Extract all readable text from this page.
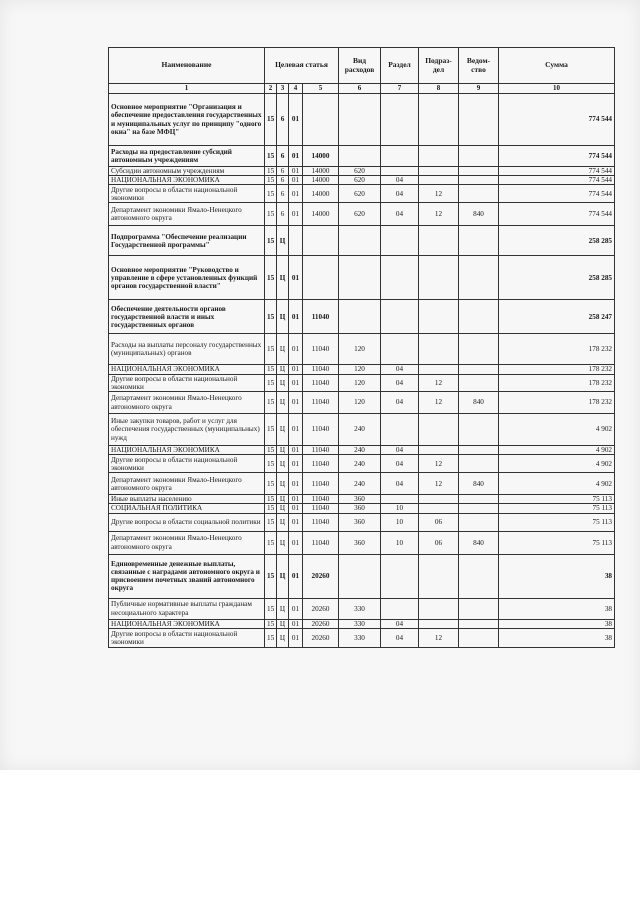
Наименование	Целевая статья				Вид расходов	Раздел	Подраз-дел	Ведом-ство	Сумма
1	2	3	4	5	6	7	8	9	10
Основное мероприятие "Организация и обеспечение предоставления государственных и муниципальных услуг по принципу "одного окна" на базе МФЦ"	15	6	01						774 544
Расходы на предоставление субсидий автономным учреждениям	15	6	01	14000					774 544
Субсидии автономным учреждениям	15	6	01	14000	620				774 544
НАЦИОНАЛЬНАЯ ЭКОНОМИКА	15	6	01	14000	620	04			774 544
Другие вопросы в области национальной экономики	15	6	01	14000	620	04	12		774 544
Департамент экономики Ямало-Ненецкого автономного округа	15	6	01	14000	620	04	12	840	774 544
Подпрограмма "Обеспечение реализации Государственной программы"	15	Ц							258 285
Основное мероприятие "Руководство и управление в сфере установленных функций органов государственной власти"	15	Ц	01						258 285
Обеспечение деятельности органов государственной власти и иных государственных органов	15	Ц	01	11040					258 247
Расходы на выплаты персоналу государственных (муниципальных) органов	15	Ц	01	11040	120				178 232
НАЦИОНАЛЬНАЯ ЭКОНОМИКА	15	Ц	01	11040	120	04			178 232
Другие вопросы в области национальной экономики	15	Ц	01	11040	120	04	12		178 232
Департамент экономики Ямало-Ненецкого автономного округа	15	Ц	01	11040	120	04	12	840	178 232
Иные закупки товаров, работ и услуг для обеспечения государственных (муниципальных) нужд	15	Ц	01	11040	240				4 902
НАЦИОНАЛЬНАЯ ЭКОНОМИКА	15	Ц	01	11040	240	04			4 902
Другие вопросы в области национальной экономики	15	Ц	01	11040	240	04	12		4 902
Департамент экономики Ямало-Ненецкого автономного округа	15	Ц	01	11040	240	04	12	840	4 902
Иные выплаты населению	15	Ц	01	11040	360				75 113
СОЦИАЛЬНАЯ ПОЛИТИКА	15	Ц	01	11040	360	10			75 113
Другие вопросы в области социальной политики	15	Ц	01	11040	360	10	06		75 113
Департамент экономики Ямало-Ненецкого автономного округа	15	Ц	01	11040	360	10	06	840	75 113
Единовременные денежные выплаты, связанные с наградами автономного округа и присвоением почетных званий автономного округа	15	Ц	01	20260					38
Публичные нормативные выплаты гражданам несоциального характера	15	Ц	01	20260	330				38
НАЦИОНАЛЬНАЯ ЭКОНОМИКА	15	Ц	01	20260	330	04			38
Другие вопросы в области национальной экономики	15	Ц	01	20260	330	04	12		38
